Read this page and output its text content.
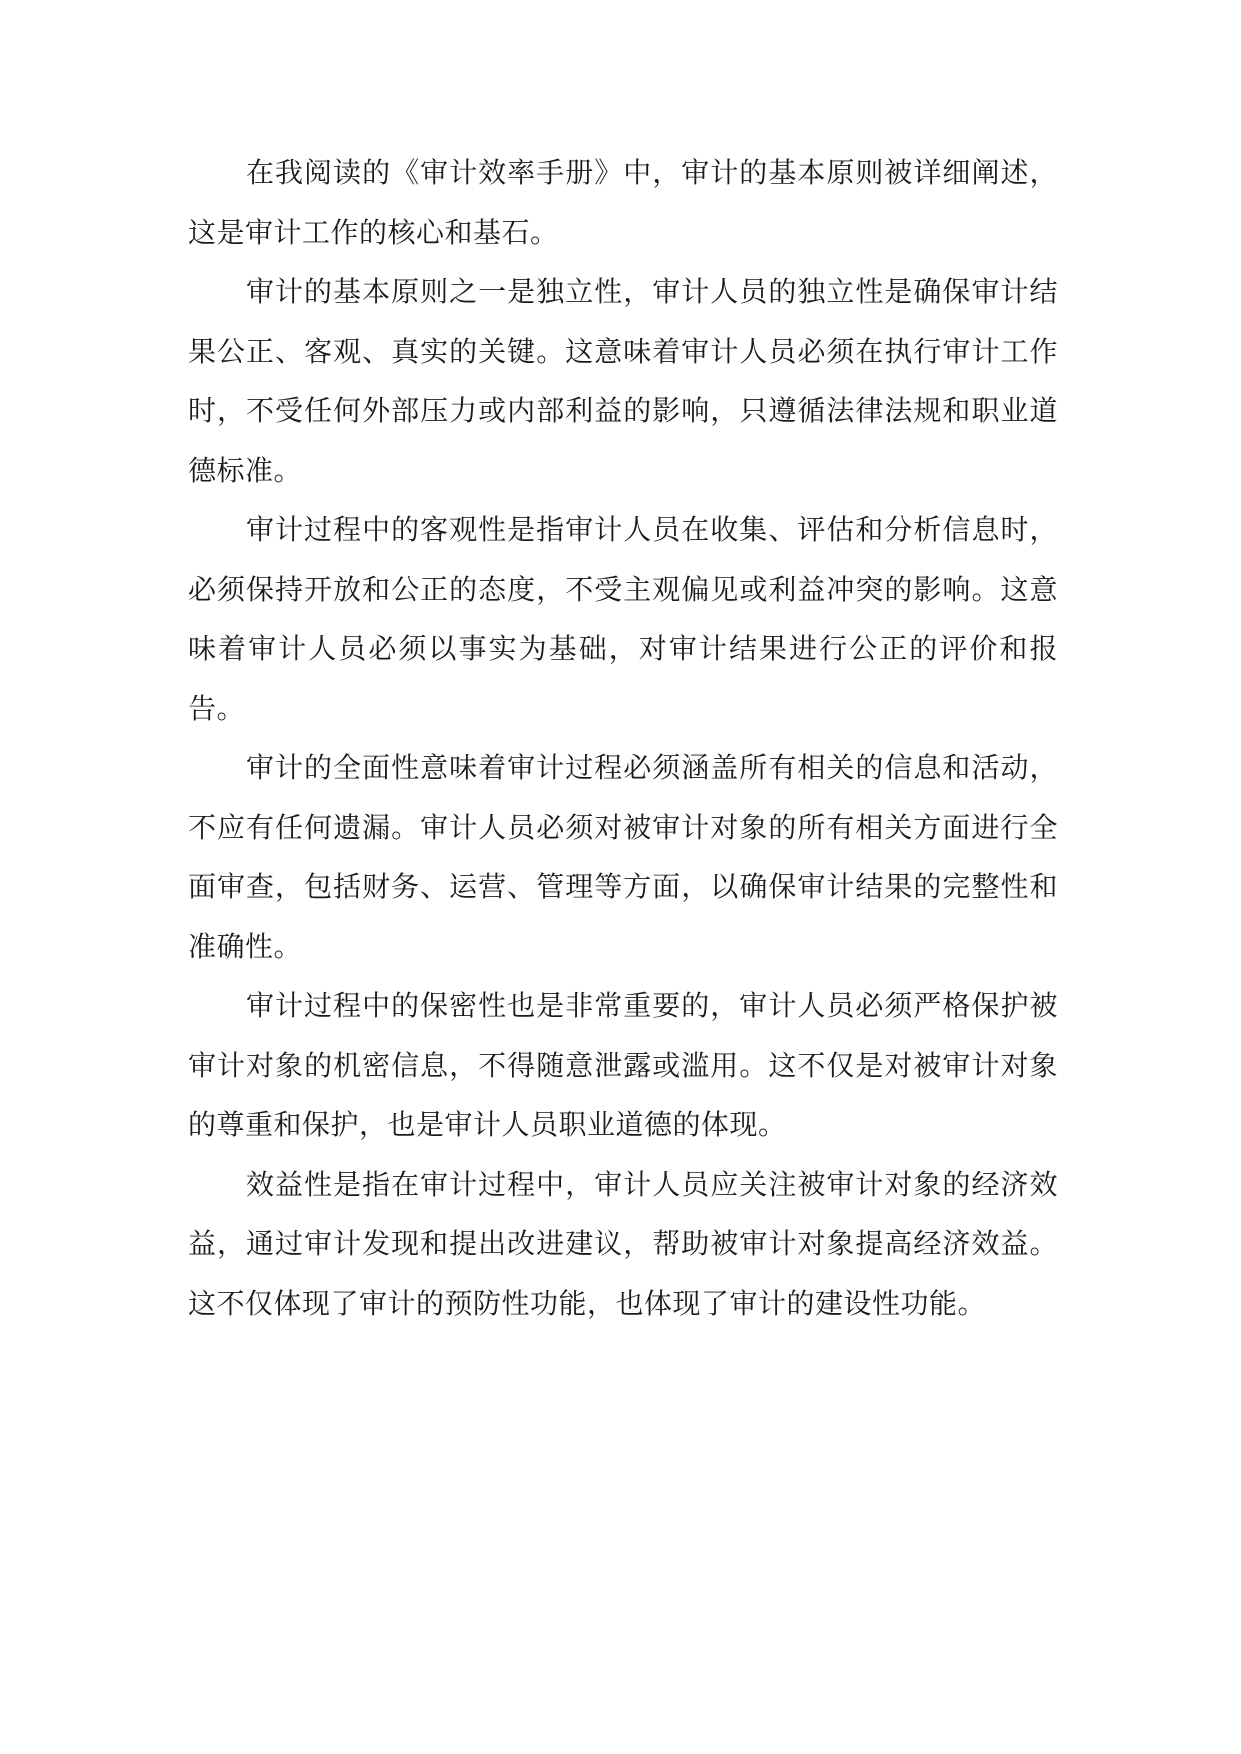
在我阅读的《审计效率手册》中，审计的基本原则被详细阐述，这是审计工作的核心和基石。

审计的基本原则之一是独立性，审计人员的独立性是确保审计结果公正、客观、真实的关键。这意味着审计人员必须在执行审计工作时，不受任何外部压力或内部利益的影响，只遵循法律法规和职业道德标准。

审计过程中的客观性是指审计人员在收集、评估和分析信息时，必须保持开放和公正的态度，不受主观偏见或利益冲突的影响。这意味着审计人员必须以事实为基础，对审计结果进行公正的评价和报告。

审计的全面性意味着审计过程必须涵盖所有相关的信息和活动，不应有任何遗漏。审计人员必须对被审计对象的所有相关方面进行全面审查，包括财务、运营、管理等方面，以确保审计结果的完整性和准确性。

审计过程中的保密性也是非常重要的，审计人员必须严格保护被审计对象的机密信息，不得随意泄露或滥用。这不仅是对被审计对象的尊重和保护，也是审计人员职业道德的体现。

效益性是指在审计过程中，审计人员应关注被审计对象的经济效益，通过审计发现和提出改进建议，帮助被审计对象提高经济效益。这不仅体现了审计的预防性功能，也体现了审计的建设性功能。
